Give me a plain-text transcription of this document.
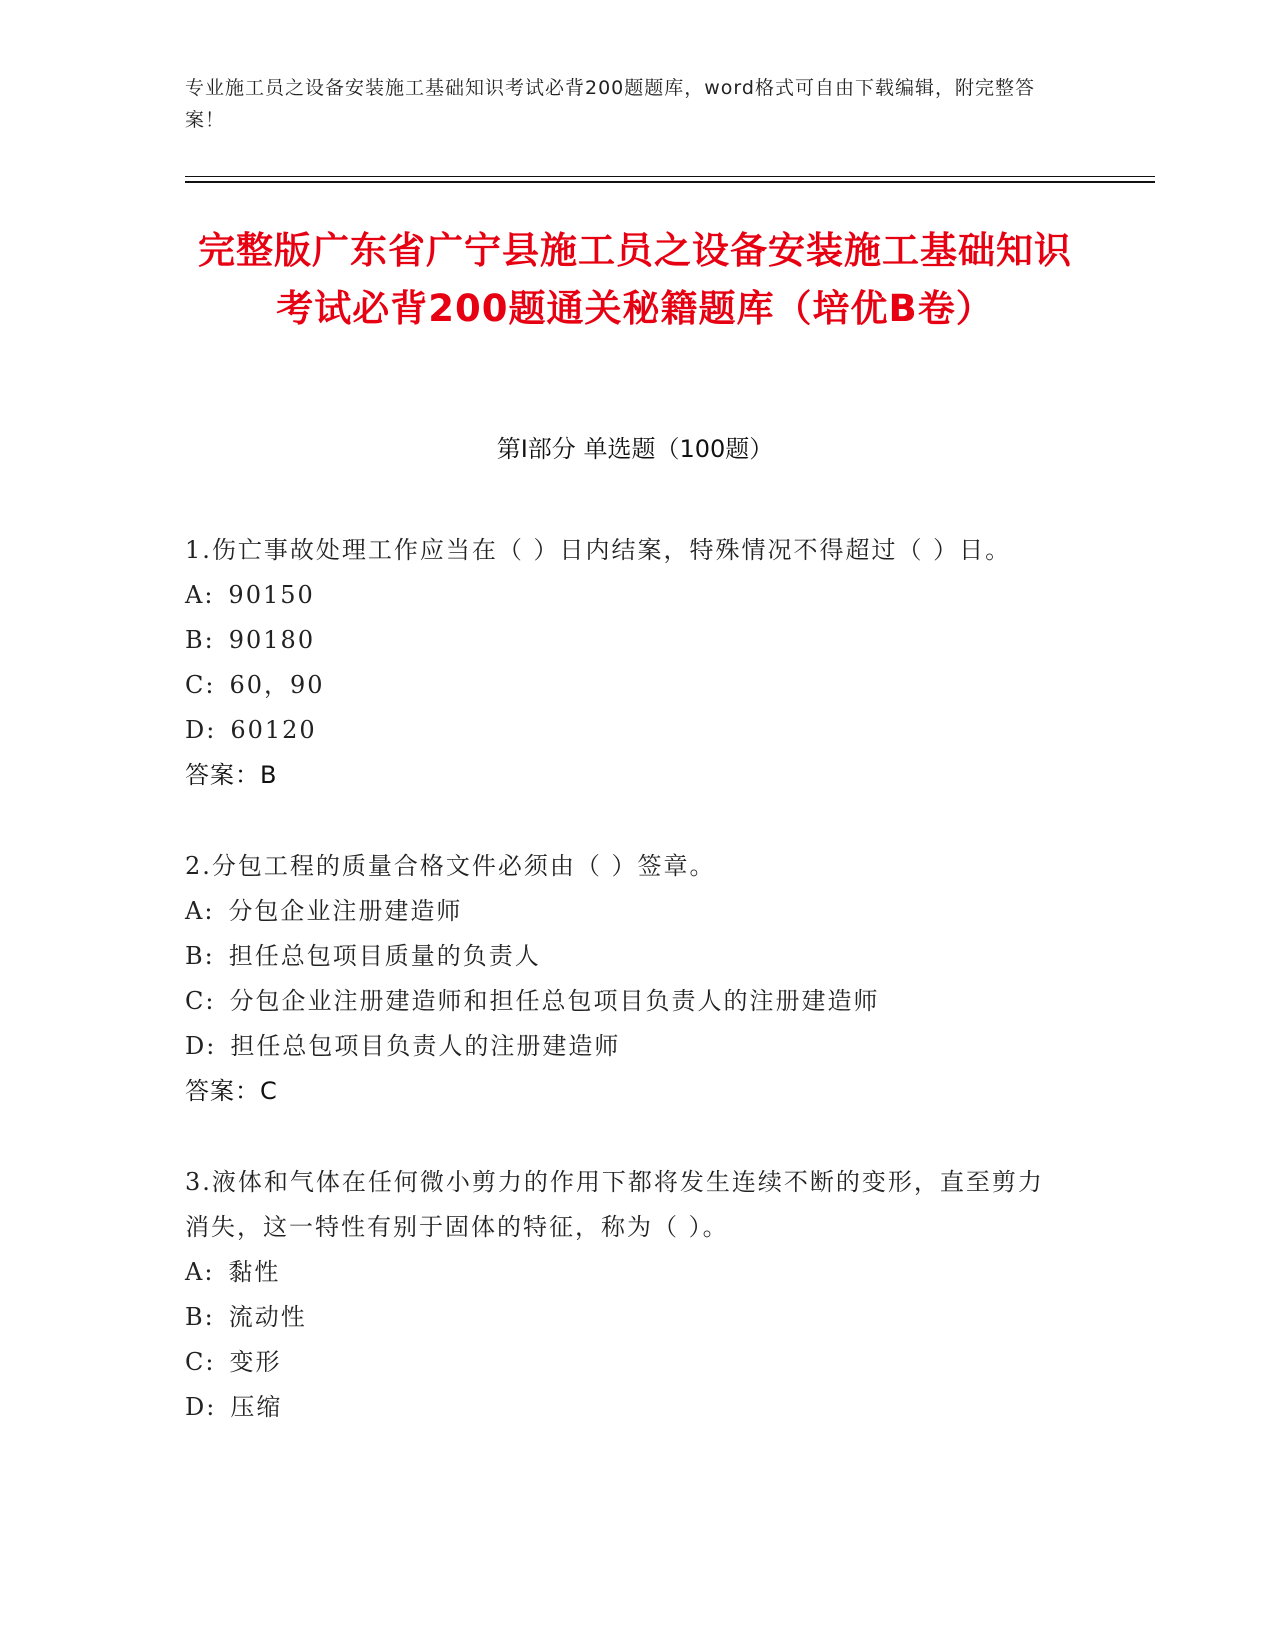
专业施工员之设备安装施工基础知识考试必背200题题库，word格式可自由下载编辑，附完整答案！
完整版广东省广宁县施工员之设备安装施工基础知识考试必背200题通关秘籍题库（培优B卷）
第Ⅰ部分 单选题（100题）
1.伤亡事故处理工作应当在（ ）日内结案，特殊情况不得超过（ ）日。
A: 90150
B: 90180
C: 60，90
D: 60120
答案：B
2.分包工程的质量合格文件必须由（ ）签章。
A: 分包企业注册建造师
B: 担任总包项目质量的负责人
C: 分包企业注册建造师和担任总包项目负责人的注册建造师
D: 担任总包项目负责人的注册建造师
答案：C
3.液体和气体在任何微小剪力的作用下都将发生连续不断的变形，直至剪力消失，这一特性有别于固体的特征，称为（ ）。
A: 黏性
B: 流动性
C: 变形
D: 压缩
